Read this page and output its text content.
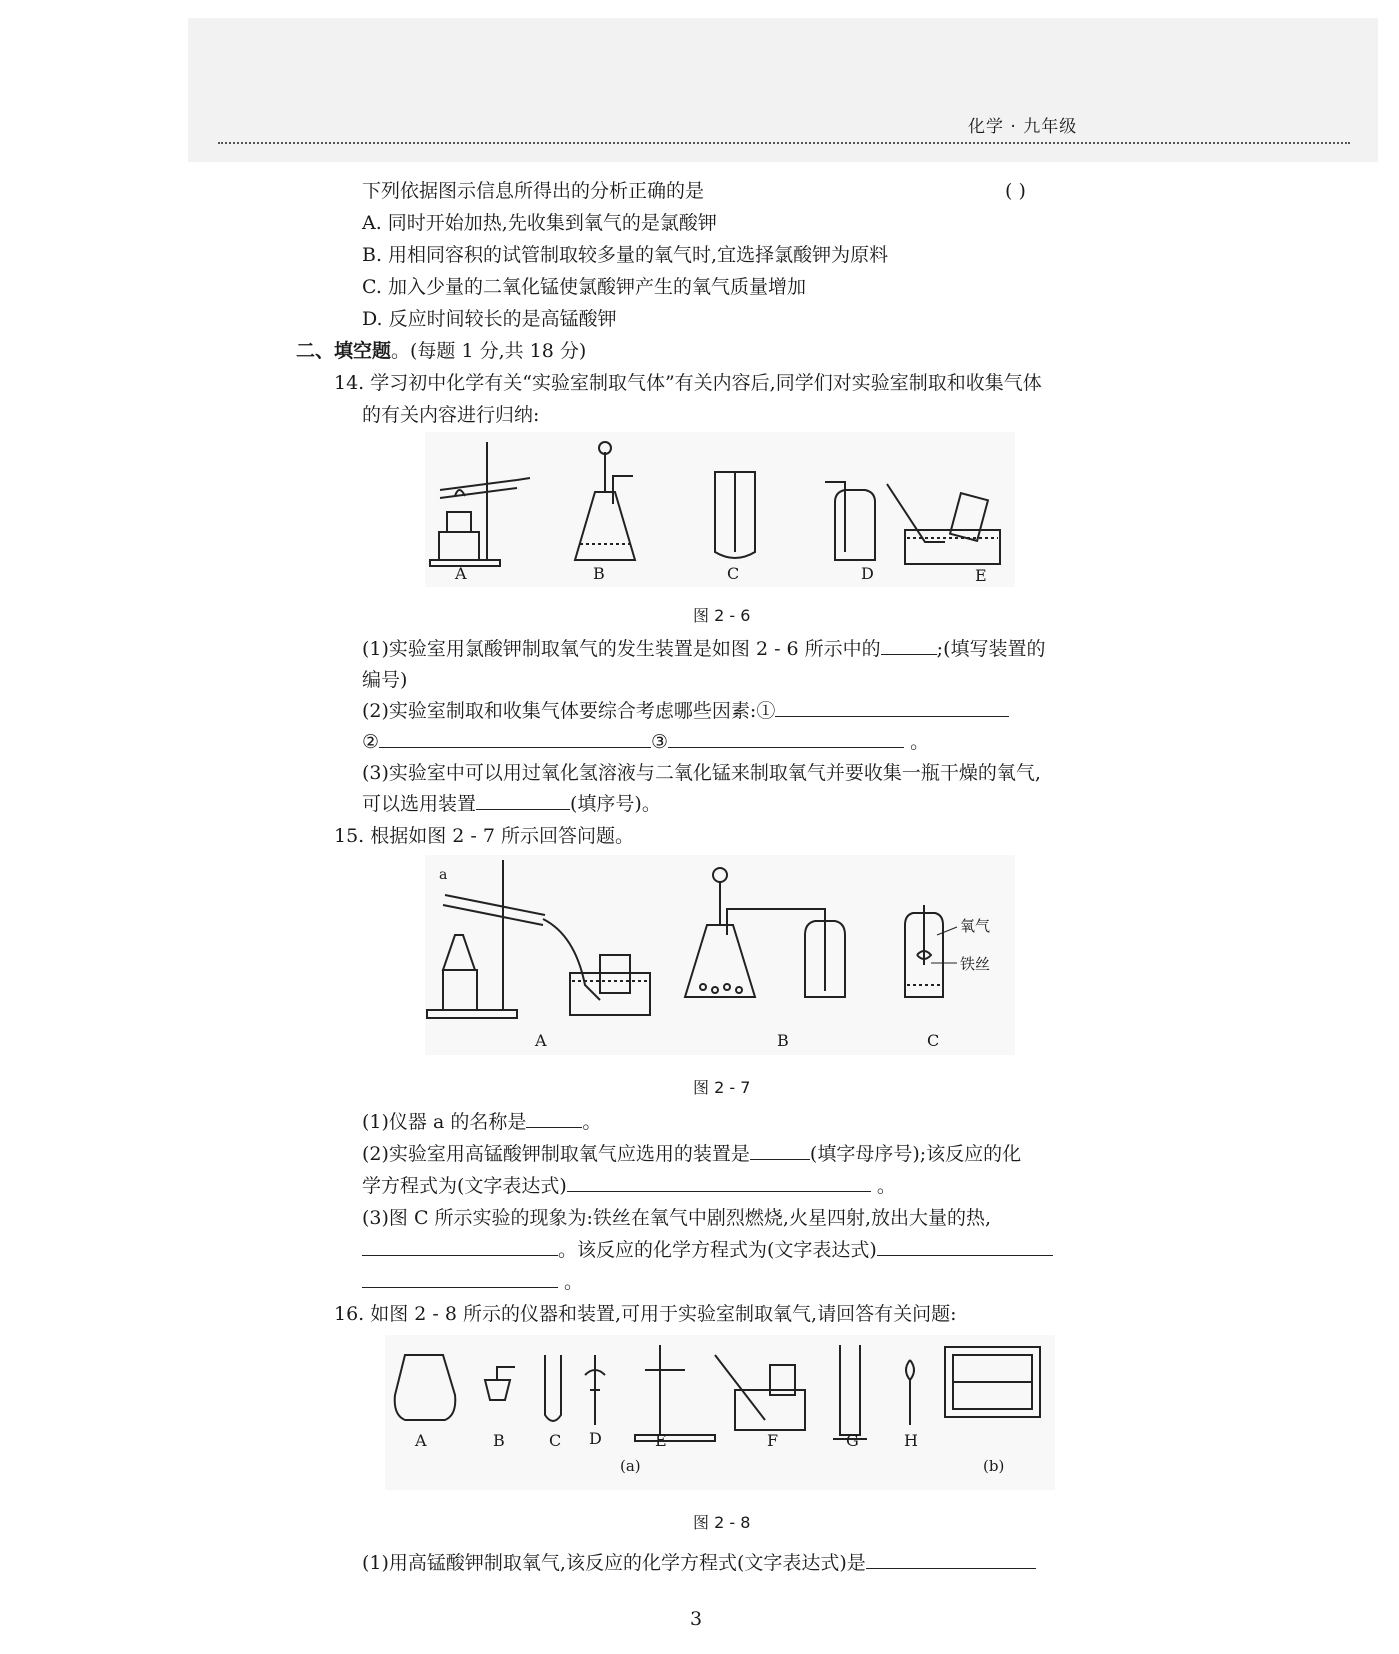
化学 · 九年级
下列依据图示信息所得出的分析正确的是	( )
A. 同时开始加热,先收集到氧气的是氯酸钾
B. 用相同容积的试管制取较多量的氧气时,宜选择氯酸钾为原料
C. 加入少量的二氧化锰使氯酸钾产生的氧气质量增加
D. 反应时间较长的是高锰酸钾
二、填空题。(每题 1 分,共 18 分)
14. 学习初中化学有关“实验室制取气体”有关内容后,同学们对实验室制取和收集气体
的有关内容进行归纳:
A	B	C	D	E
图 2 - 6
(1)实验室用氯酸钾制取氧气的发生装置是如图 2 - 6 所示中的	;(填写装置的
编号)
(2)实验室制取和收集气体要综合考虑哪些因素:①
②	③	。
(3)实验室中可以用过氧化氢溶液与二氧化锰来制取氧气并要收集一瓶干燥的氧气,
可以选用装置	(填序号)。
15. 根据如图 2 - 7 所示回答问题。
a
氧气
铁丝
A	B	C
图 2 - 7
(1)仪器 a 的名称是	。
(2)实验室用高锰酸钾制取氧气应选用的装置是	(填字母序号);该反应的化
学方程式为(文字表达式)	。
(3)图 C 所示实验的现象为:铁丝在氧气中剧烈燃烧,火星四射,放出大量的热,
。该反应的化学方程式为(文字表达式)
。
16. 如图 2 - 8 所示的仪器和装置,可用于实验室制取氧气,请回答有关问题:
A	B	C D	E	F	G	H
(a)	(b)
图 2 - 8
(1)用高锰酸钾制取氧气,该反应的化学方程式(文字表达式)是
3
